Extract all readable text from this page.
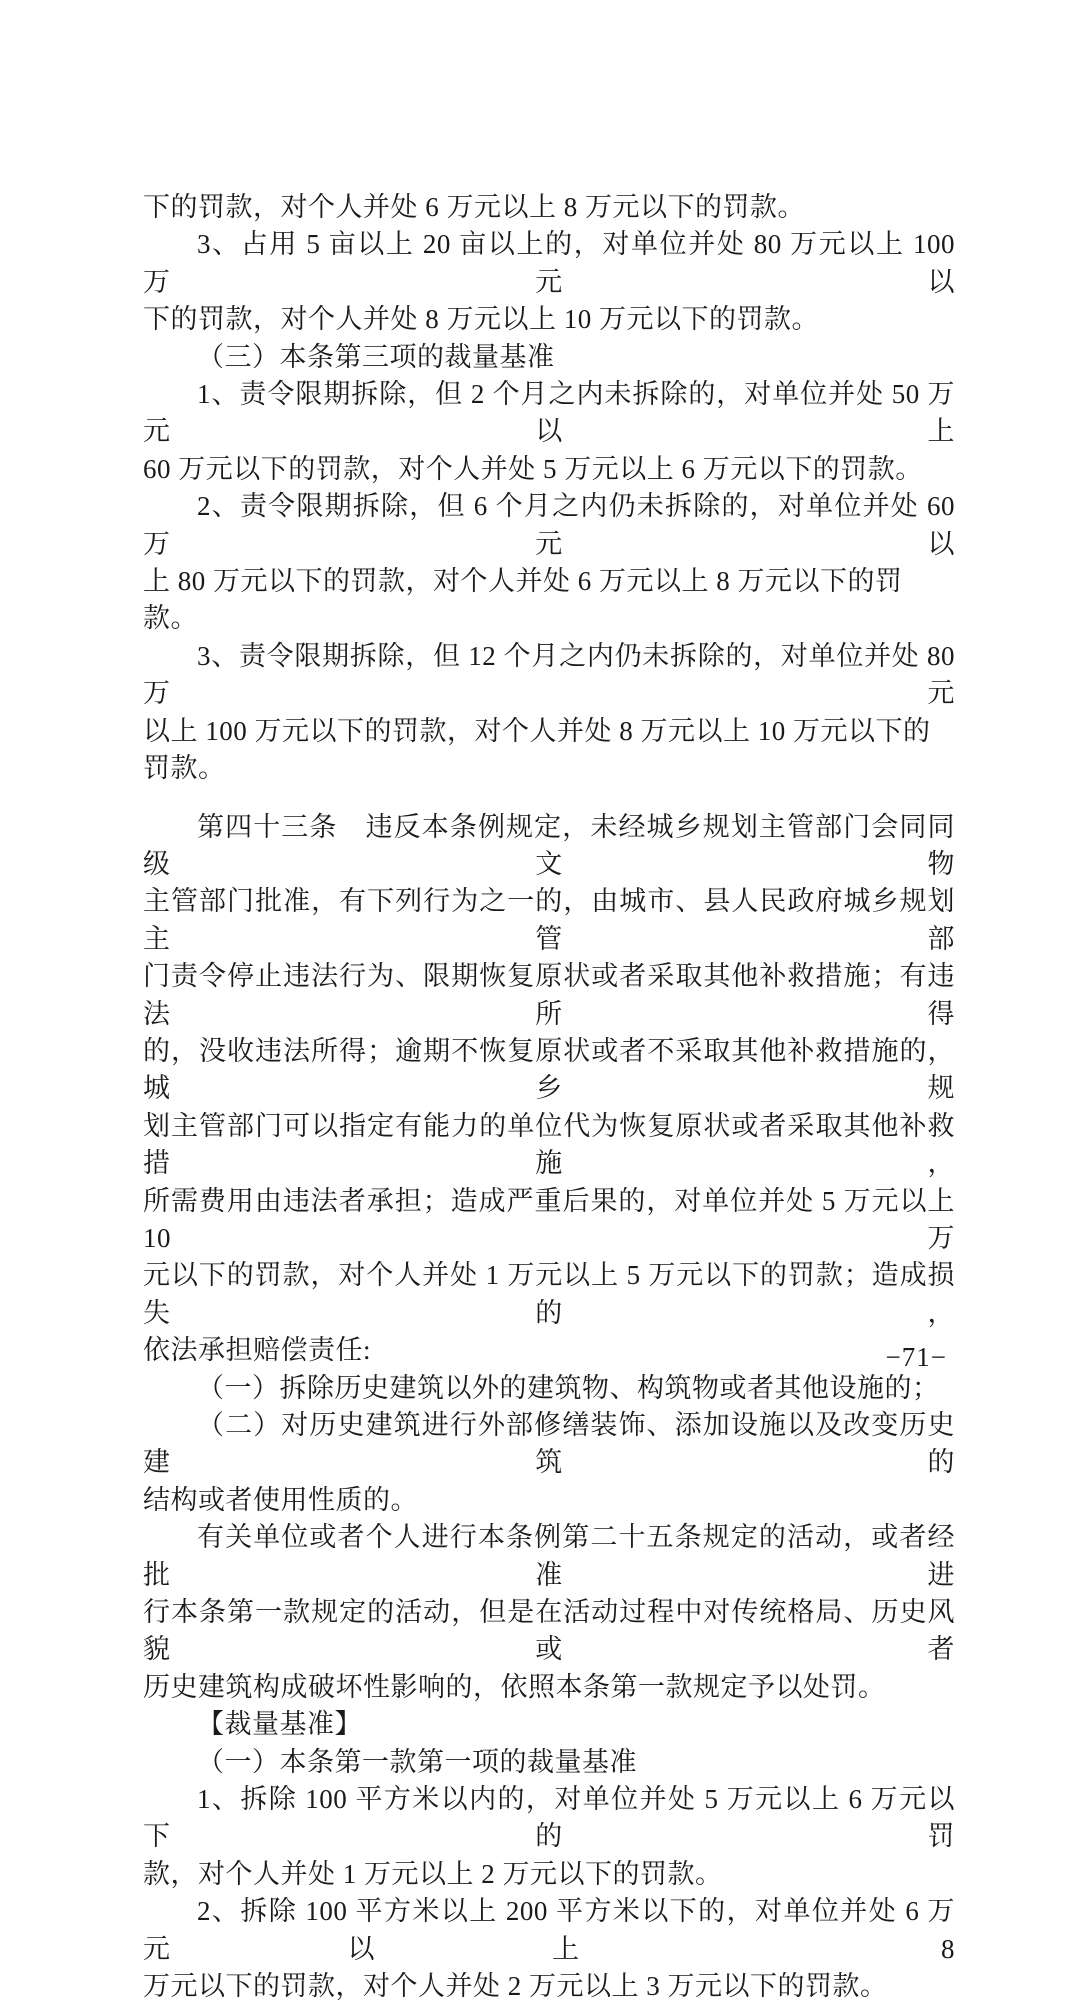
下的罚款，对个人并处 6 万元以上 8 万元以下的罚款。
3、占用 5 亩以上 20 亩以上的，对单位并处 80 万元以上 100 万元以
下的罚款，对个人并处 8 万元以上 10 万元以下的罚款。
（三）本条第三项的裁量基准
1、责令限期拆除，但 2 个月之内未拆除的，对单位并处 50 万元以上
60 万元以下的罚款，对个人并处 5 万元以上 6 万元以下的罚款。
2、责令限期拆除，但 6 个月之内仍未拆除的，对单位并处 60 万元以
上 80 万元以下的罚款，对个人并处 6 万元以上 8 万元以下的罚款。
3、责令限期拆除，但 12 个月之内仍未拆除的，对单位并处 80 万元
以上 100 万元以下的罚款，对个人并处 8 万元以上 10 万元以下的罚款。
第四十三条　违反本条例规定，未经城乡规划主管部门会同同级文物
主管部门批准，有下列行为之一的，由城市、县人民政府城乡规划主管部
门责令停止违法行为、限期恢复原状或者采取其他补救措施；有违法所得
的，没收违法所得；逾期不恢复原状或者不采取其他补救措施的，城乡规
划主管部门可以指定有能力的单位代为恢复原状或者采取其他补救措施，
所需费用由违法者承担；造成严重后果的，对单位并处 5 万元以上 10 万
元以下的罚款，对个人并处 1 万元以上 5 万元以下的罚款；造成损失的，
依法承担赔偿责任:
（一）拆除历史建筑以外的建筑物、构筑物或者其他设施的；
（二）对历史建筑进行外部修缮装饰、添加设施以及改变历史建筑的
结构或者使用性质的。
有关单位或者个人进行本条例第二十五条规定的活动，或者经批准进
行本条第一款规定的活动，但是在活动过程中对传统格局、历史风貌或者
历史建筑构成破坏性影响的，依照本条第一款规定予以处罚。
【裁量基准】
（一）本条第一款第一项的裁量基准
1、拆除 100 平方米以内的，对单位并处 5 万元以上 6 万元以下的罚
款，对个人并处 1 万元以上 2 万元以下的罚款。
2、拆除 100 平方米以上 200 平方米以下的，对单位并处 6 万元以上 8
万元以下的罚款，对个人并处 2 万元以上 3 万元以下的罚款。
−71−
